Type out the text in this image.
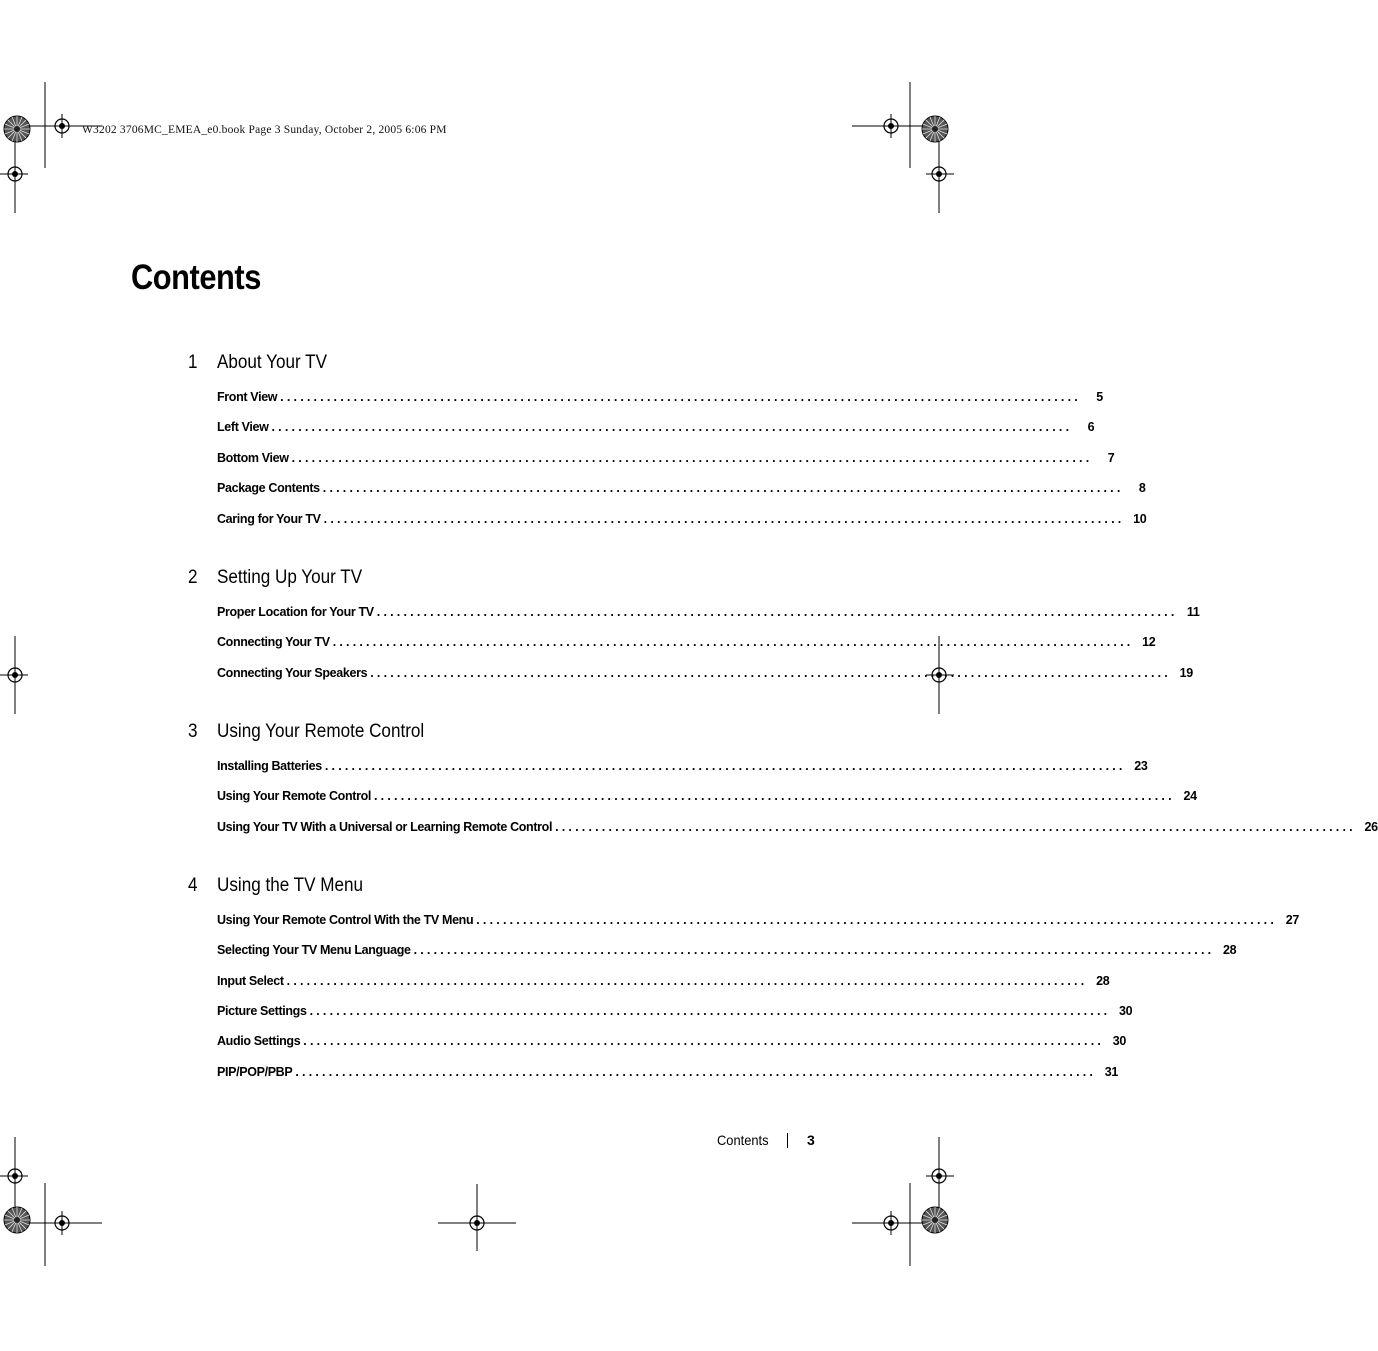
W3202 3706MC_EMEA_e0.book Page 3 Sunday, October 2, 2005 6:06 PM
Contents
1 About Your TV
Front View ........................................................................................................................	5
Left View ........................................................................................................................	6
Bottom View ........................................................................................................................	7
Package Contents ........................................................................................................................	8
Caring for Your TV ........................................................................................................................ 10
2 Setting Up Your TV
Proper Location for Your TV ........................................................................................................................ 11
Connecting Your TV ........................................................................................................................ 12
Connecting Your Speakers ........................................................................................................................ 19
3 Using Your Remote Control
Installing Batteries ........................................................................................................................ 23
Using Your Remote Control ........................................................................................................................ 24
Using Your TV With a Universal or Learning Remote Control ........................................................................................................................ 26
4 Using the TV Menu
Using Your Remote Control With the TV Menu ........................................................................................................................ 27
Selecting Your TV Menu Language ........................................................................................................................ 28
Input Select ........................................................................................................................ 28
Picture Settings ........................................................................................................................ 30
Audio Settings ........................................................................................................................ 30
PIP/POP/PBP ........................................................................................................................ 31
Contents	3
